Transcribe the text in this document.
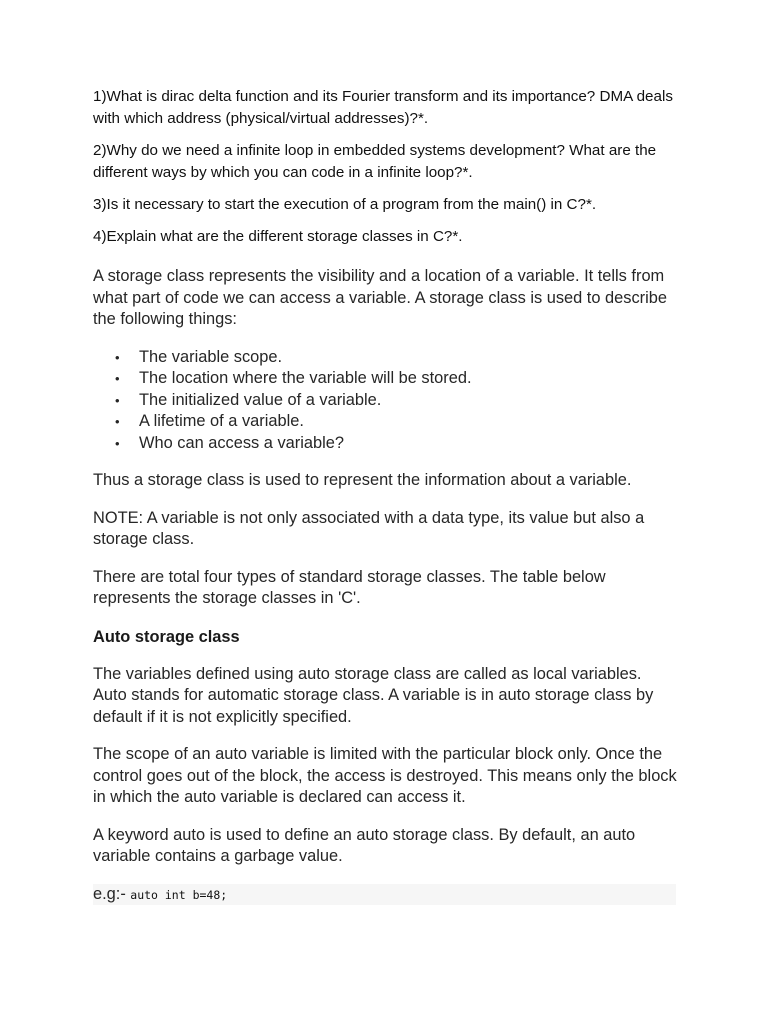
1)What is dirac delta function and its Fourier transform and its importance? DMA deals with which address (physical/virtual addresses)?*.

2)Why do we need a infinite loop in embedded systems development? What are the different ways by which you can code in a infinite loop?*.

3)Is it necessary to start the execution of a program from the main() in C?*.

4)Explain what are the different storage classes in C?*.

A storage class represents the visibility and a location of a variable. It tells from what part of code we can access a variable. A storage class is used to describe the following things:

• The variable scope.
• The location where the variable will be stored.
• The initialized value of a variable.
• A lifetime of a variable.
• Who can access a variable?

Thus a storage class is used to represent the information about a variable.

NOTE: A variable is not only associated with a data type, its value but also a storage class.

There are total four types of standard storage classes. The table below represents the storage classes in 'C'.

Auto storage class

The variables defined using auto storage class are called as local variables. Auto stands for automatic storage class. A variable is in auto storage class by default if it is not explicitly specified.

The scope of an auto variable is limited with the particular block only. Once the control goes out of the block, the access is destroyed. This means only the block in which the auto variable is declared can access it.

A keyword auto is used to define an auto storage class. By default, an auto variable contains a garbage value.

e.g:- auto int b=48;
